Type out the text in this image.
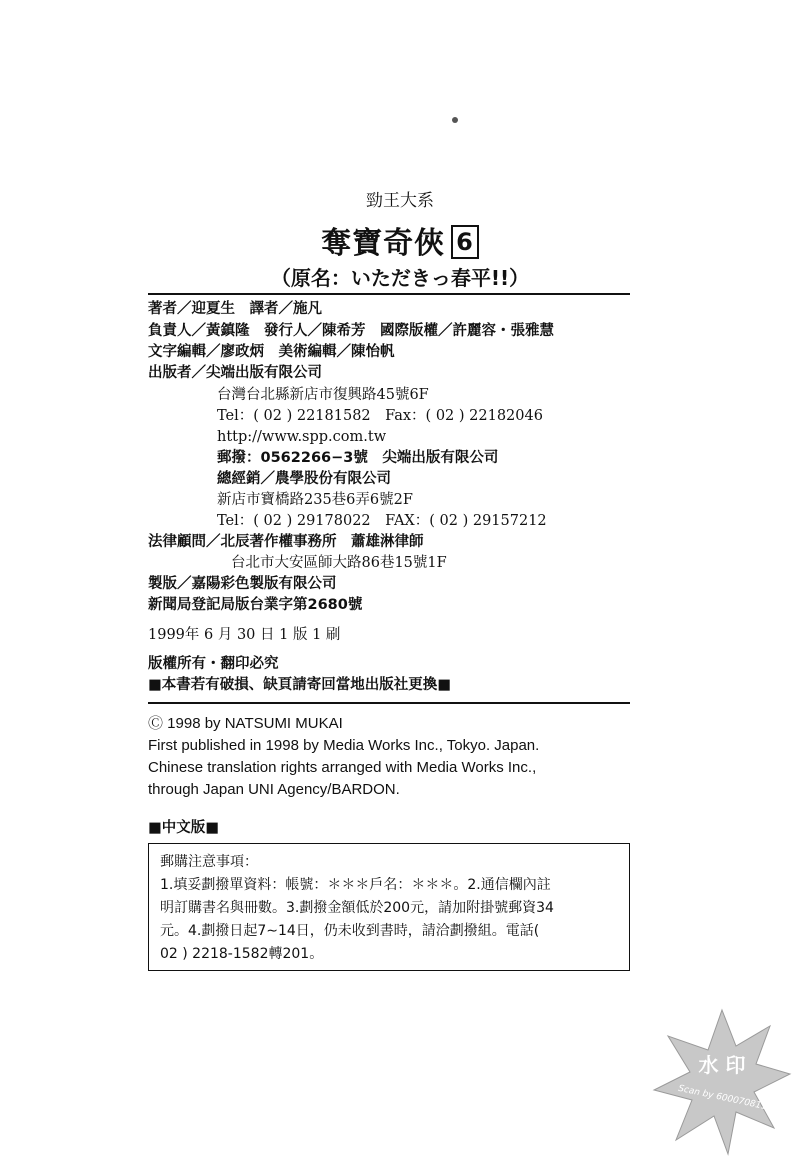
勁王大系
奪寶奇俠 6
（原名：いただきっ春平!!）
著者／迎夏生　譯者／施凡
負責人／黃鎮隆　發行人／陳希芳　國際版權／許麗容・張雅慧
文字編輯／廖政炳　美術編輯／陳怡帆
出版者／尖端出版有限公司
台灣台北縣新店市復興路45號6F
Tel：( 02 ) 22181582　Fax：( 02 ) 22182046
http://www.spp.com.tw
郵撥：0562266−3號　尖端出版有限公司
總經銷／農學股份有限公司
新店市寶橋路235巷6弄6號2F
Tel：( 02 ) 29178022　FAX：( 02 ) 29157212
法律顧問／北辰著作權事務所　蕭雄淋律師
台北市大安區師大路86巷15號1F
製版／嘉陽彩色製版有限公司
新聞局登記局版台業字第2680號
1999年 6 月 30 日 1 版 1 刷
版權所有・翻印必究
■本書若有破損、缺頁請寄回當地出版社更換■
Ⓒ 1998 by NATSUMI MUKAI
First published in 1998 by Media Works Inc., Tokyo. Japan.
Chinese translation rights arranged with Media Works Inc.,
through Japan UNI Agency/BARDON.
■中文版■
郵購注意事項：
1.填妥劃撥單資料：帳號：＊＊＊戶名：＊＊＊。2.通信欄內註
明訂購書名與冊數。3.劃撥金額低於200元，請加附掛號郵資34
元。4.劃撥日起7∼14日，仍未收到書時，請洽劃撥組。電話(
02 ) 2218-1582轉201。
水 印
Scan by 600070811
